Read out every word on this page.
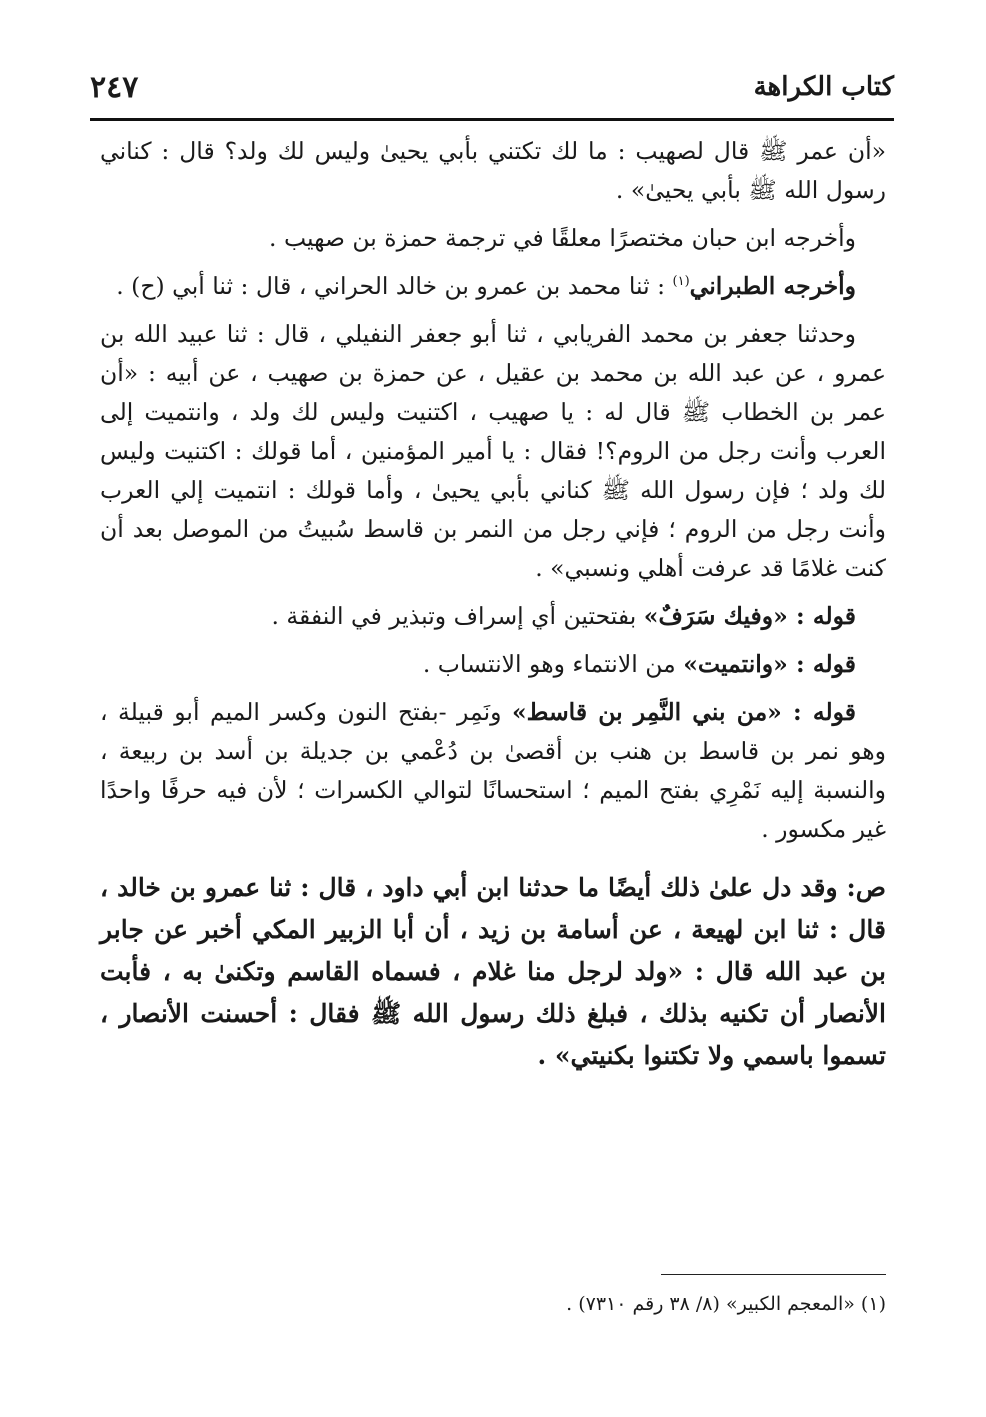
كتاب الكراهة
٢٤٧

«أن عمر ﷺ قال لصهيب : ما لك تكتني بأبي يحيىٰ وليس لك ولد؟ قال : كناني رسول الله ﷺ بأبي يحيىٰ» .

وأخرجه ابن حبان مختصرًا معلقًا في ترجمة حمزة بن صهيب .

وأخرجه الطبراني$^{(١)}$ : ثنا محمد بن عمرو بن خالد الحراني ، قال : ثنا أبي (ح) .

وحدثنا جعفر بن محمد الفريابي ، ثنا أبو جعفر النفيلي ، قال : ثنا عبيد الله بن عمرو ، عن عبد الله بن محمد بن عقيل ، عن حمزة بن صهيب ، عن أبيه : «أن عمر بن الخطاب ﷺ قال له : يا صهيب ، اكتنيت وليس لك ولد ، وانتميت إلى العرب وأنت رجل من الروم؟! فقال : يا أمير المؤمنين ، أما قولك : اكتنيت وليس لك ولد ؛ فإن رسول الله ﷺ كناني بأبي يحيىٰ ، وأما قولك : انتميت إلي العرب وأنت رجل من الروم ؛ فإني رجل من النمر بن قاسط سُبيتُ من الموصل بعد أن كنت غلامًا قد عرفت أهلي ونسبي» .

قوله : «وفيك سَرَفٌ» بفتحتين أي إسراف وتبذير في النفقة .

قوله : «وانتميت» من الانتماء وهو الانتساب .

قوله : «من بني النَّمِر بن قاسط» ونَمِر -بفتح النون وكسر الميم أبو قبيلة ، وهو نمر بن قاسط بن هنب بن أقصىٰ بن دُعْمي بن جديلة بن أسد بن ربيعة ، والنسبة إليه نَمْرِي بفتح الميم ؛ استحسانًا لتوالي الكسرات ؛ لأن فيه حرفًا واحدًا غير مكسور .

ص: وقد دل علىٰ ذلك أيضًا ما حدثنا ابن أبي داود ، قال : ثنا عمرو بن خالد ، قال : ثنا ابن لهيعة ، عن أسامة بن زيد ، أن أبا الزبير المكي أخبر عن جابر بن عبد الله قال : «ولد لرجل منا غلام ، فسماه القاسم وتكنىٰ به ، فأبت الأنصار أن تكنيه بذلك ، فبلغ ذلك رسول الله ﷺ فقال : أحسنت الأنصار ، تسموا باسمي ولا تكتنوا بكنيتي» .

(١) «المعجم الكبير» (٨/ ٣٨ رقم ٧٣١٠) .
